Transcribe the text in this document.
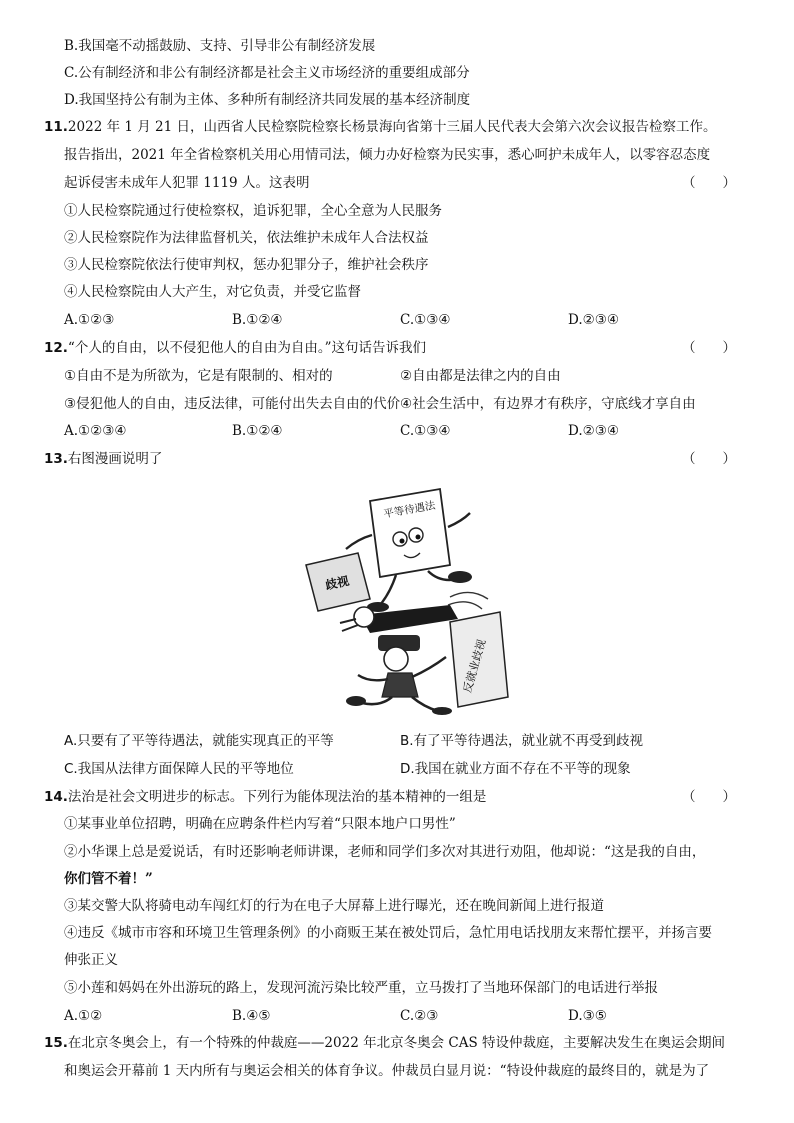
B.我国毫不动摇鼓励、支持、引导非公有制经济发展
C.公有制经济和非公有制经济都是社会主义市场经济的重要组成部分
D.我国坚持公有制为主体、多种所有制经济共同发展的基本经济制度
11.2022 年 1 月 21 日，山西省人民检察院检察长杨景海向省第十三届人民代表大会第六次会议报告检察工作。
报告指出，2021 年全省检察机关用心用情司法，倾力办好检察为民实事，悉心呵护未成年人，以零容忍态度
起诉侵害未成年人犯罪 1119 人。这表明	（　　）
①人民检察院通过行使检察权，追诉犯罪，全心全意为人民服务
②人民检察院作为法律监督机关，依法维护未成年人合法权益
③人民检察院依法行使审判权，惩办犯罪分子，维护社会秩序
④人民检察院由人大产生，对它负责，并受它监督
A.①②③	B.①②④	C.①③④	D.②③④
12.“个人的自由，以不侵犯他人的自由为自由。”这句话告诉我们	（　　）
①自由不是为所欲为，它是有限制的、相对的	②自由都是法律之内的自由
③侵犯他人的自由，违反法律，可能付出失去自由的代价 ④社会生活中，有边界才有秩序，守底线才享自由
A.①②③④	B.①②④	C.①③④	D.②③④
13.右图漫画说明了	（　　）
反就业歧视
歧视
平等待遇法
A.只要有了平等待遇法，就能实现真正的平等	B.有了平等待遇法，就业就不再受到歧视
C.我国从法律方面保障人民的平等地位	D.我国在就业方面不存在不平等的现象
14.法治是社会文明进步的标志。下列行为能体现法治的基本精神的一组是	（　　）
①某事业单位招聘，明确在应聘条件栏内写着“只限本地户口男性”
②小华课上总是爱说话，有时还影响老师讲课，老师和同学们多次对其进行劝阻，他却说：“这是我的自由，
你们管不着！”
③某交警大队将骑电动车闯红灯的行为在电子大屏幕上进行曝光，还在晚间新闻上进行报道
④违反《城市市容和环境卫生管理条例》的小商贩王某在被处罚后，急忙用电话找朋友来帮忙摆平，并扬言要
伸张正义
⑤小莲和妈妈在外出游玩的路上，发现河流污染比较严重，立马拨打了当地环保部门的电话进行举报
A.①②	B.④⑤	C.②③	D.③⑤
15.在北京冬奥会上，有一个特殊的仲裁庭——2022 年北京冬奥会 CAS 特设仲裁庭，主要解决发生在奥运会期间
和奥运会开幕前 1 天内所有与奥运会相关的体育争议。仲裁员白显月说：“特设仲裁庭的最终目的，就是为了
